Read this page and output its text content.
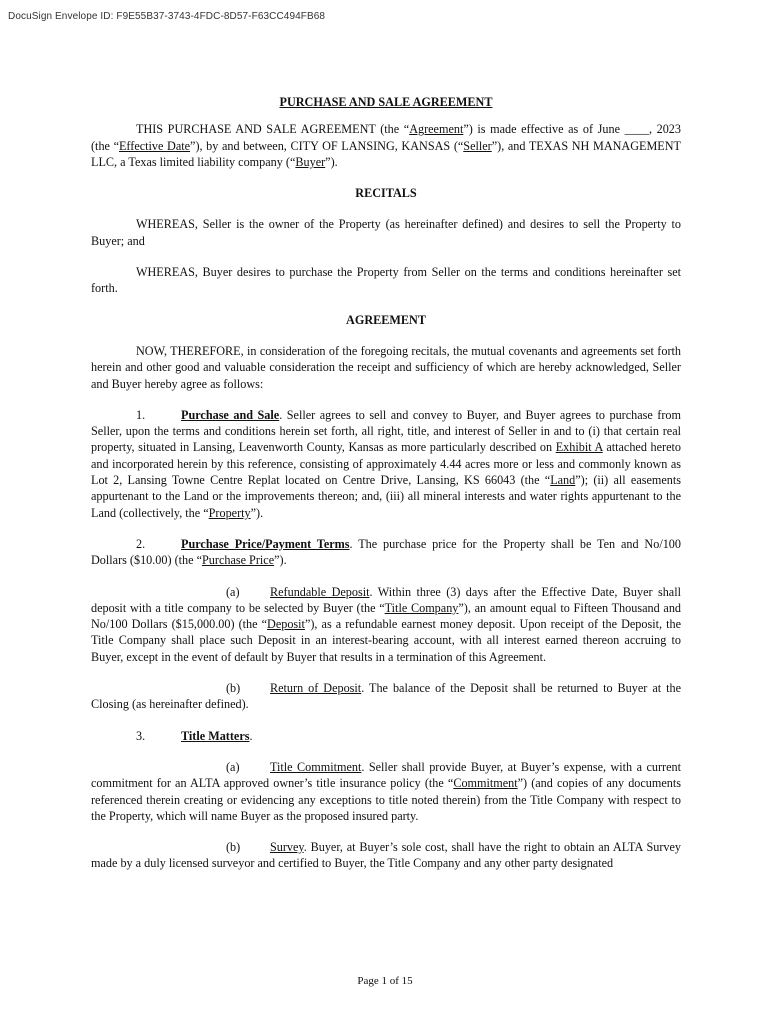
DocuSign Envelope ID: F9E55B37-3743-4FDC-8D57-F63CC494FB68
PURCHASE AND SALE AGREEMENT

THIS PURCHASE AND SALE AGREEMENT (the “Agreement”) is made effective as of June ____, 2023 (the “Effective Date”), by and between, CITY OF LANSING, KANSAS (“Seller”), and TEXAS NH MANAGEMENT LLC, a Texas limited liability company (“Buyer”).

RECITALS

WHEREAS, Seller is the owner of the Property (as hereinafter defined) and desires to sell the Property to Buyer; and

WHEREAS, Buyer desires to purchase the Property from Seller on the terms and conditions hereinafter set forth.

AGREEMENT

NOW, THEREFORE, in consideration of the foregoing recitals, the mutual covenants and agreements set forth herein and other good and valuable consideration the receipt and sufficiency of which are hereby acknowledged, Seller and Buyer hereby agree as follows:

1.	Purchase and Sale. Seller agrees to sell and convey to Buyer, and Buyer agrees to purchase from Seller, upon the terms and conditions herein set forth, all right, title, and interest of Seller in and to (i) that certain real property, situated in Lansing, Leavenworth County, Kansas as more particularly described on Exhibit A attached hereto and incorporated herein by this reference, consisting of approximately 4.44 acres more or less and commonly known as Lot 2, Lansing Towne Centre Replat located on Centre Drive, Lansing, KS 66043 (the “Land”); (ii) all easements appurtenant to the Land or the improvements thereon; and, (iii) all mineral interests and water rights appurtenant to the Land (collectively, the “Property”).

2.	Purchase Price/Payment Terms. The purchase price for the Property shall be Ten and No/100 Dollars ($10.00) (the “Purchase Price”).

(a) Refundable Deposit. Within three (3) days after the Effective Date, Buyer shall deposit with a title company to be selected by Buyer (the “Title Company”), an amount equal to Fifteen Thousand and No/100 Dollars ($15,000.00) (the “Deposit”), as a refundable earnest money deposit. Upon receipt of the Deposit, the Title Company shall place such Deposit in an interest-bearing account, with all interest earned thereon accruing to Buyer, except in the event of default by Buyer that results in a termination of this Agreement.

(b) Return of Deposit. The balance of the Deposit shall be returned to Buyer at the Closing (as hereinafter defined).

3.	Title Matters.

(a) Title Commitment. Seller shall provide Buyer, at Buyer’s expense, with a current commitment for an ALTA approved owner’s title insurance policy (the “Commitment”) (and copies of any documents referenced therein creating or evidencing any exceptions to title noted therein) from the Title Company with respect to the Property, which will name Buyer as the proposed insured party.

(b) Survey. Buyer, at Buyer’s sole cost, shall have the right to obtain an ALTA Survey made by a duly licensed surveyor and certified to Buyer, the Title Company and any other party designated

Page 1 of 15
